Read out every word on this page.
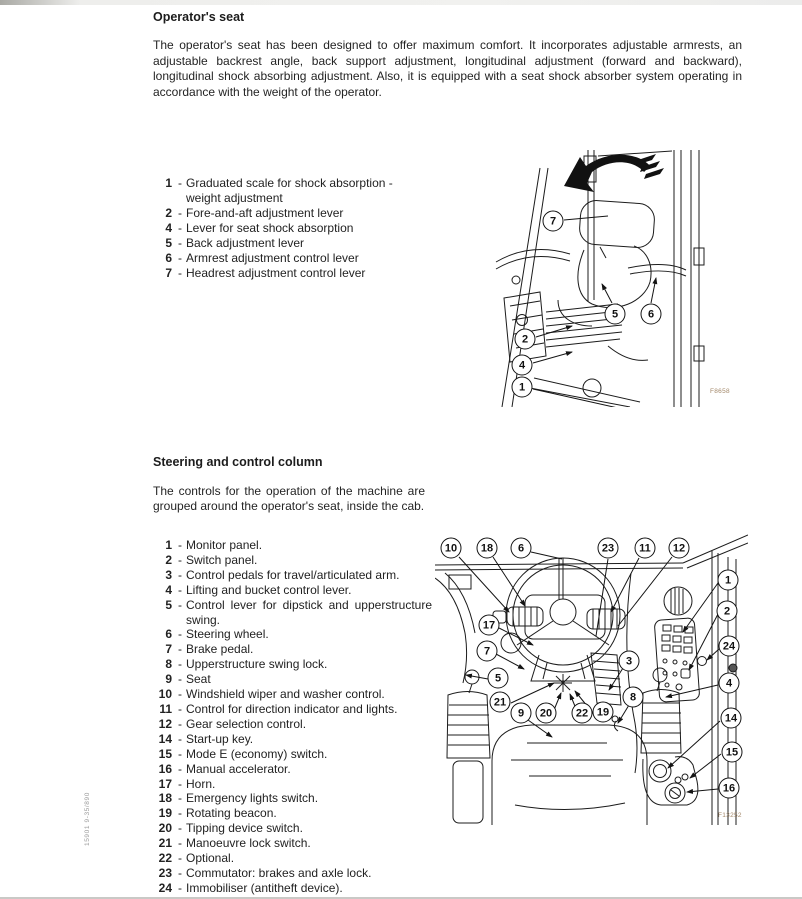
15901 9-35/890
Operator's seat

The operator's seat has been designed to offer maximum comfort. It incorporates adjustable armrests, an adjustable backrest angle, back support adjustment, longitudinal adjustment (forward and backward), longitudinal shock absorbing adjustment. Also, it is equipped with a seat shock absorber system operating in accordance with the weight of the operator.

1 - Graduated scale for shock absorption - weight adjustment
2 - Fore-and-aft adjustment lever
4 - Lever for seat shock absorption
5 - Back adjustment lever
6 - Armrest adjustment control lever
7 - Headrest adjustment control lever
F8658
7
5	6
2
4
1
Steering and control column

The controls for the operation of the machine are grouped around the operator's seat, inside the cab.

1 - Monitor panel.
2 - Switch panel.
3 - Control pedals for travel/articulated arm.
4 - Lifting and bucket control lever.
5 - Control lever for dipstick and upperstructure swing.
6 - Steering wheel.
7 - Brake pedal.
8 - Upperstructure swing lock.
9 - Seat
10 - Windshield wiper and washer control.
11 - Control for direction indicator and lights.
12 - Gear selection control.
14 - Start-up key.
15 - Mode E (economy) switch.
16 - Manual accelerator.
17 - Horn.
18 - Emergency lights switch.
19 - Rotating beacon.
20 - Tipping device switch.
21 - Manoeuvre lock switch.
22 - Optional.
23 - Commutator: brakes and axle lock.
24 - Immobiliser (antitheft device).
F13252
10	18	6	23	11	12
1
2
17
7	24
3
5	4
21	8
9	20	22 19	14
15
16
